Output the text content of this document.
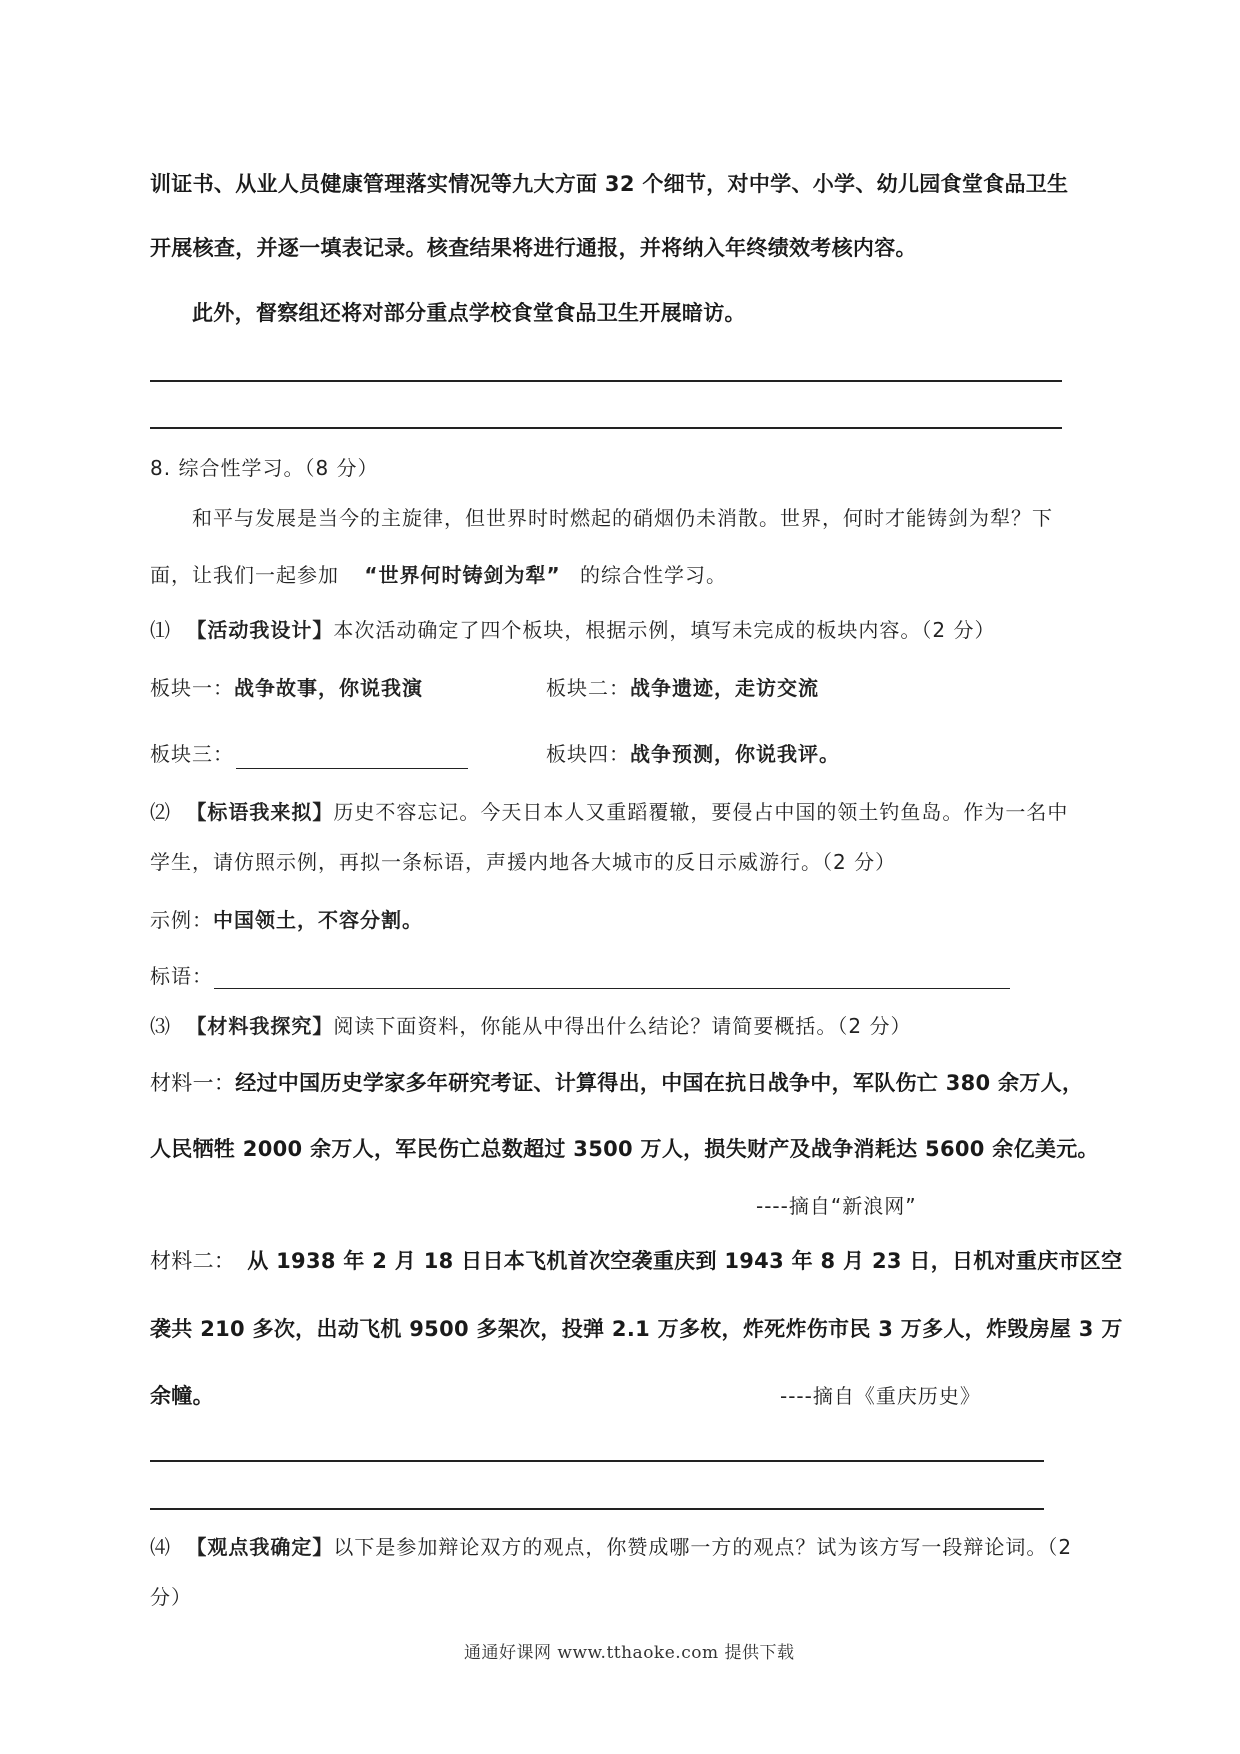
训证书、从业人员健康管理落实情况等九大方面 32 个细节，对中学、小学、幼儿园食堂食品卫生
开展核查，并逐一填表记录。核查结果将进行通报，并将纳入年终绩效考核内容。
此外，督察组还将对部分重点学校食堂食品卫生开展暗访。
8. 综合性学习。（8 分）
和平与发展是当今的主旋律，但世界时时燃起的硝烟仍未消散。世界，何时才能铸剑为犁？下
面，让我们一起参加 “世界何时铸剑为犁” 的综合性学习。
⑴ 【活动我设计】本次活动确定了四个板块，根据示例，填写未完成的板块内容。（2 分）
板块一：战争故事，你说我演	板块二：战争遗迹，走访交流
板块三：	板块四：战争预测，你说我评。
⑵ 【标语我来拟】历史不容忘记。今天日本人又重蹈覆辙，要侵占中国的领土钓鱼岛。作为一名中
学生，请仿照示例，再拟一条标语，声援内地各大城市的反日示威游行。（2 分）
示例：中国领土，不容分割。
标语：
⑶ 【材料我探究】阅读下面资料，你能从中得出什么结论？请简要概括。（2 分）
材料一：经过中国历史学家多年研究考证、计算得出，中国在抗日战争中，军队伤亡 380 余万人，
人民牺牲 2000 余万人，军民伤亡总数超过 3500 万人，损失财产及战争消耗达 5600 余亿美元。
----摘自“新浪网”
材料二： 从 1938 年 2 月 18 日日本飞机首次空袭重庆到 1943 年 8 月 23 日，日机对重庆市区空
袭共 210 多次，出动飞机 9500 多架次，投弹 2.1 万多枚，炸死炸伤市民 3 万多人，炸毁房屋 3 万
余幢。	----摘自《重庆历史》
⑷ 【观点我确定】以下是参加辩论双方的观点，你赞成哪一方的观点？试为该方写一段辩论词。（2
分）
通通好课网 www.tthaoke.com 提供下载
